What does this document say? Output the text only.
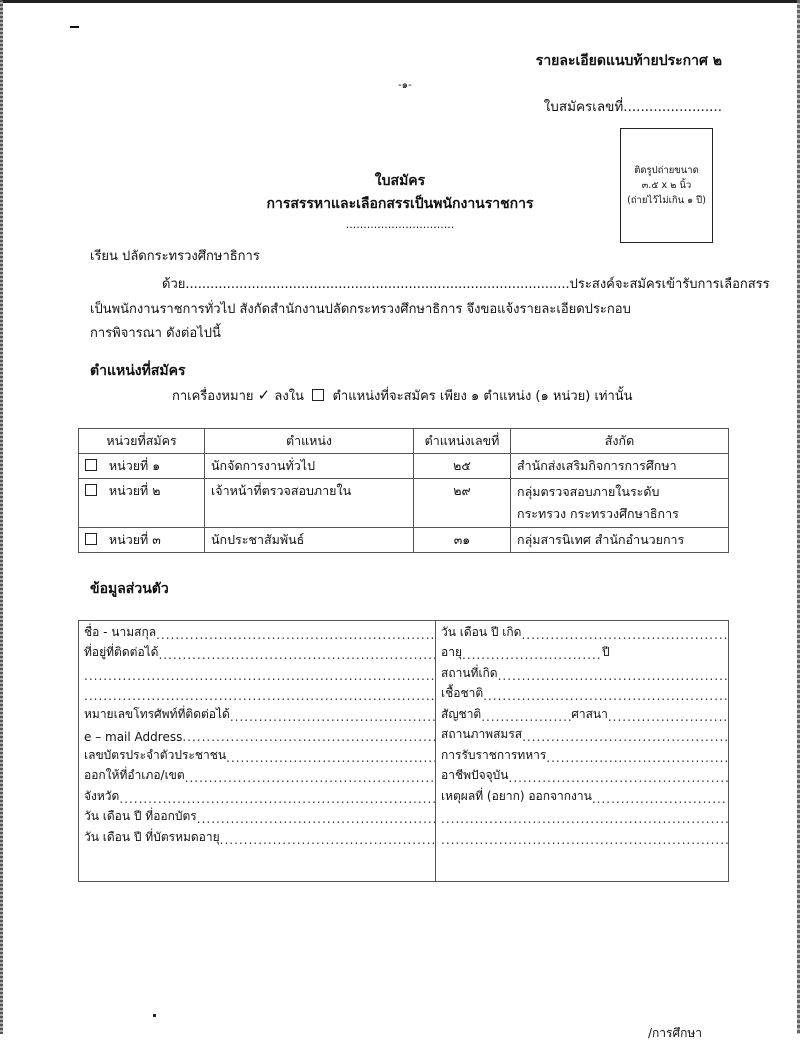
รายละเอียดแนบท้ายประกาศ ๒
-๑-
ใบสมัครเลขที่.......................
ติดรูปถ่ายขนาด
๓.๕ x ๒ นิ้ว
(ถ่ายไว้ไม่เกิน ๑ ปี)
ใบสมัคร
การสรรหาและเลือกสรรเป็นพนักงานราชการ
...............................
เรียน ปลัดกระทรวงศึกษาธิการ
ด้วย.............................................................................................ประสงค์จะสมัครเข้ารับการเลือกสรร
เป็นพนักงานราชการทั่วไป สังกัดสำนักงานปลัดกระทรวงศึกษาธิการ จึงขอแจ้งรายละเอียดประกอบ
การพิจารณา ดังต่อไปนี้
ตำแหน่งที่สมัคร
กาเครื่องหมาย ✓ ลงใน ตำแหน่งที่จะสมัคร เพียง ๑ ตำแหน่ง (๑ หน่วย) เท่านั้น
หน่วยที่สมัคร	ตำแหน่ง	ตำแหน่งเลขที่	สังกัด
หน่วยที่ ๑	นักจัดการงานทั่วไป	๒๕	สำนักส่งเสริมกิจการการศึกษา
หน่วยที่ ๒	เจ้าหน้าที่ตรวจสอบภายใน	๒๙	กลุ่มตรวจสอบภายในระดับ
กระทรวง กระทรวงศึกษาธิการ
หน่วยที่ ๓	นักประชาสัมพันธ์	๓๑	กลุ่มสารนิเทศ สำนักอำนวยการ
ข้อมูลส่วนตัว
ชื่อ - นามสกุล
.....
ที่อยู่ที่ติดต่อได้
.....
.....
.....
หมายเลขโทรศัพท์ที่ติดต่อได้
.....
e – mail Address
.....
เลขบัตรประจำตัวประชาชน
.....
ออกให้ที่อำเภอ/เขต
.....
จังหวัด
.....
วัน เดือน ปี ที่ออกบัตร
.....
วัน เดือน ปี ที่บัตรหมดอายุ
.....
วัน เดือน ปี เกิด
.....
อายุ .....	ปี
สถานที่เกิด
.....
เชื้อชาติ
.....
สัญชาติ .....	ศาสนา
.....
สถานภาพสมรส
.....
การรับราชการทหาร
.....
อาชีพปัจจุบัน
.....
เหตุผลที่ (อยาก) ออกจากงาน
.....
.....
.....
/การศึกษา
